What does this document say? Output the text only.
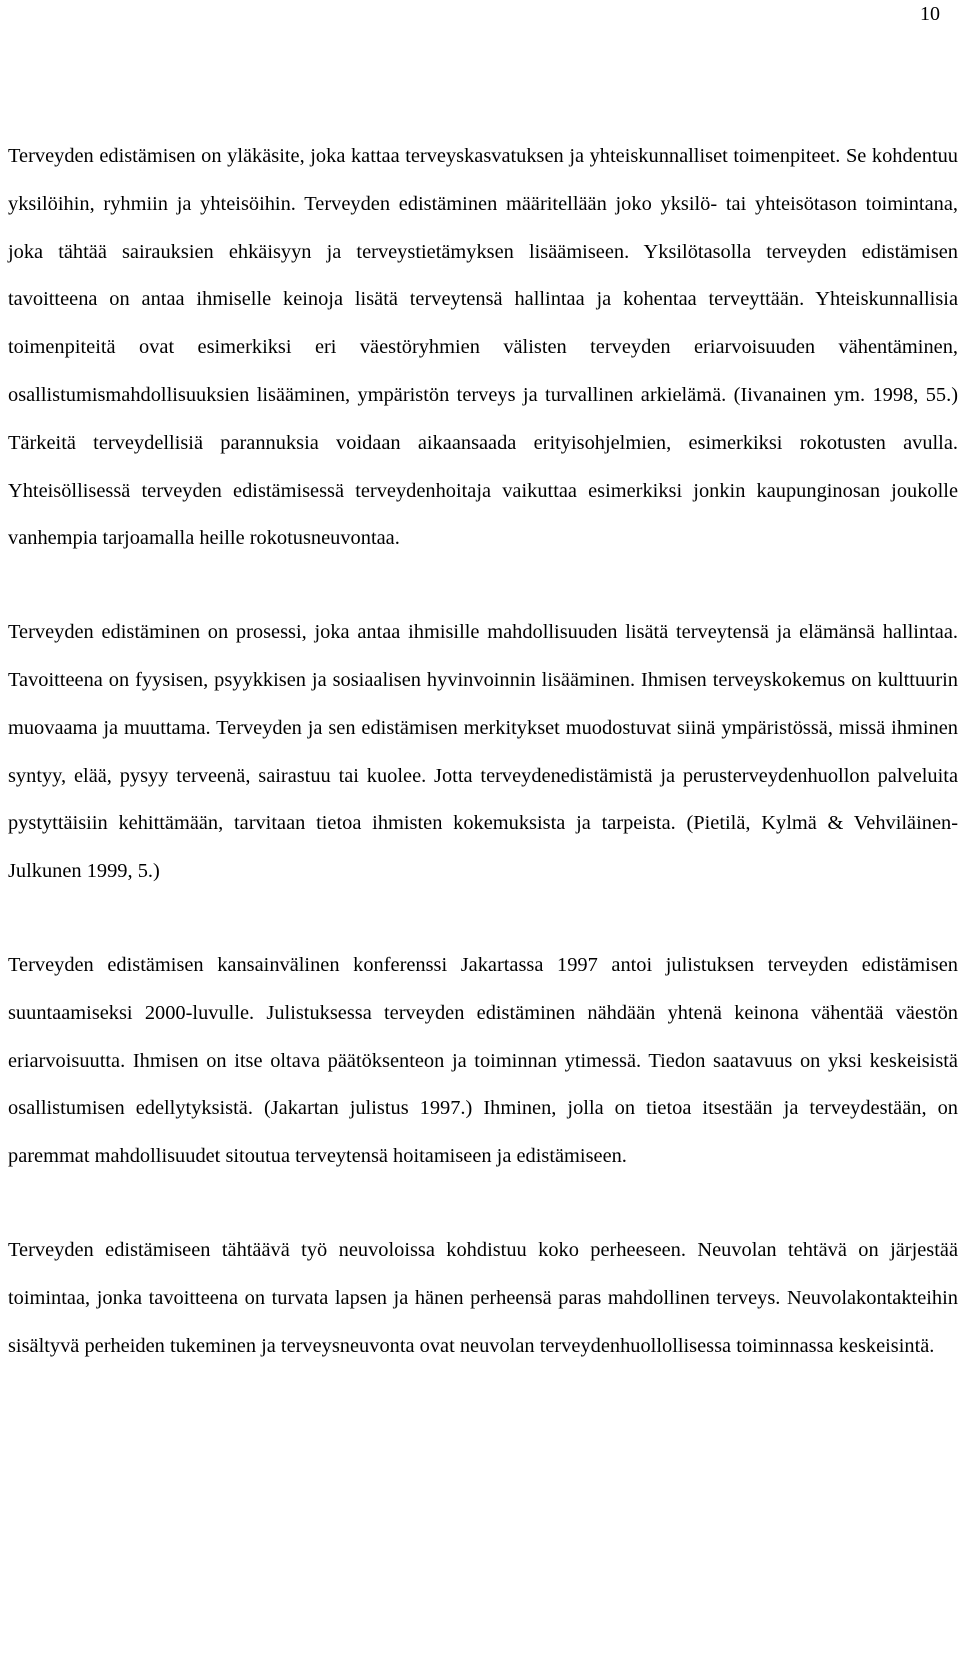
10

Terveyden edistämisen on yläkäsite, joka kattaa terveyskasvatuksen ja yhteiskunnalliset toimenpiteet. Se kohdentuu yksilöihin, ryhmiin ja yhteisöihin. Terveyden edistäminen määritellään joko yksilö- tai yhteisötason toimintana, joka tähtää sairauksien ehkäisyyn ja terveystietämyksen lisäämiseen. Yksilötasolla terveyden edistämisen tavoitteena on antaa ihmiselle keinoja lisätä terveytensä hallintaa ja kohentaa terveyttään. Yhteiskunnallisia toimenpiteitä ovat esimerkiksi eri väestöryhmien välisten terveyden eriarvoisuuden vähentäminen, osallistumismahdollisuuksien lisääminen, ympäristön terveys ja turvallinen arkielämä. (Iivanainen ym. 1998, 55.) Tärkeitä terveydellisiä parannuksia voidaan aikaansaada erityisohjelmien, esimerkiksi rokotusten avulla. Yhteisöllisessä terveyden edistämisessä terveydenhoitaja vaikuttaa esimerkiksi jonkin kaupunginosan joukolle vanhempia tarjoamalla heille rokotusneuvontaa.

Terveyden edistäminen on prosessi, joka antaa ihmisille mahdollisuuden lisätä terveytensä ja elämänsä hallintaa. Tavoitteena on fyysisen, psyykkisen ja sosiaalisen hyvinvoinnin lisääminen. Ihmisen terveyskokemus on kulttuurin muovaama ja muuttama. Terveyden ja sen edistämisen merkitykset muodostuvat siinä ympäristössä, missä ihminen syntyy, elää, pysyy terveenä, sairastuu tai kuolee. Jotta terveydenedistämistä ja perusterveydenhuollon palveluita pystyttäisiin kehittämään, tarvitaan tietoa ihmisten kokemuksista ja tarpeista. (Pietilä, Kylmä & Vehviläinen-Julkunen 1999, 5.)

Terveyden edistämisen kansainvälinen konferenssi Jakartassa 1997 antoi julistuksen terveyden edistämisen suuntaamiseksi 2000-luvulle. Julistuksessa terveyden edistäminen nähdään yhtenä keinona vähentää väestön eriarvoisuutta. Ihmisen on itse oltava päätöksenteon ja toiminnan ytimessä. Tiedon saatavuus on yksi keskeisistä osallistumisen edellytyksistä. (Jakartan julistus 1997.) Ihminen, jolla on tietoa itsestään ja terveydestään, on paremmat mahdollisuudet sitoutua terveytensä hoitamiseen ja edistämiseen.

Terveyden edistämiseen tähtäävä työ neuvoloissa kohdistuu koko perheeseen. Neuvolan tehtävä on järjestää toimintaa, jonka tavoitteena on turvata lapsen ja hänen perheensä paras mahdollinen terveys. Neuvolakontakteihin sisältyvä perheiden tukeminen ja terveysneuvonta ovat neuvolan terveydenhuollollisessa toiminnassa keskeisintä.
